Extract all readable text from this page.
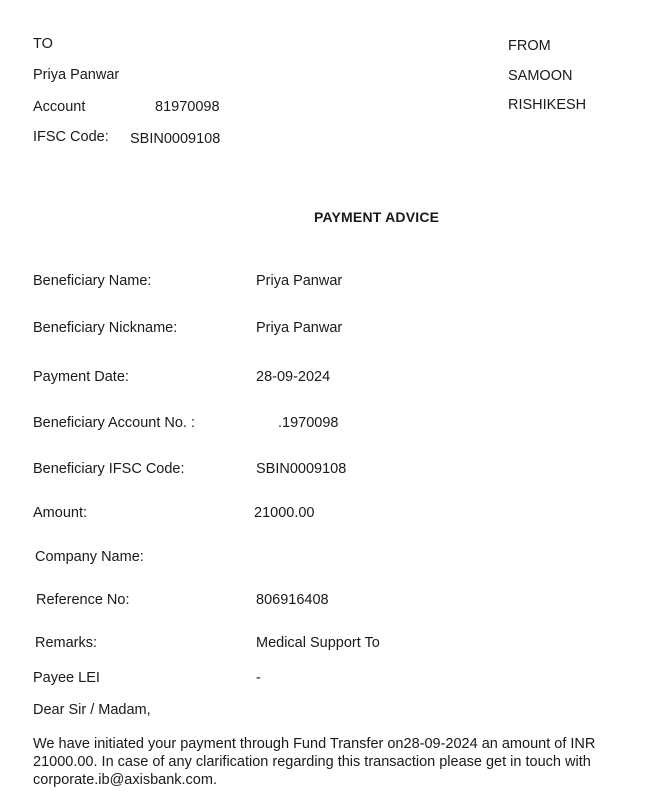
TO
Priya Panwar
Account	81970098
IFSC Code: SBIN0009108
FROM
SAMOON
RISHIKESH
PAYMENT ADVICE
Beneficiary Name:	Priya Panwar
Beneficiary Nickname:	Priya Panwar
Payment Date:	28-09-2024
Beneficiary Account No. :	.1970098
Beneficiary IFSC Code:	SBIN0009108
Amount:	21000.00
Company Name:
Reference No:	806916408
Remarks:	Medical Support To
Payee LEI	-
Dear Sir / Madam,
We have initiated your payment through Fund Transfer on28-09-2024 an amount of INR 21000.00. In case of any clarification regarding this transaction please get in touch with corporate.ib@axisbank.com.
